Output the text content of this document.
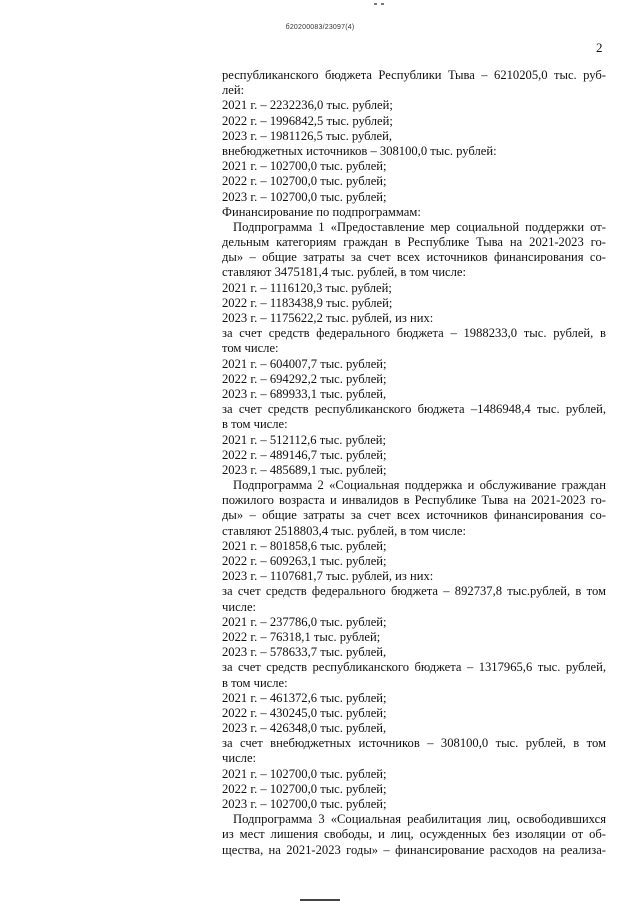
б20200083/23097(4)
2
республиканского бюджета Республики Тыва – 6210205,0 тыс. руб-
лей:
2021 г. – 2232236,0 тыс. рублей;
2022 г. – 1996842,5 тыс. рублей;
2023 г. – 1981126,5 тыс. рублей,
внебюджетных источников – 308100,0 тыс. рублей:
2021 г. – 102700,0 тыс. рублей;
2022 г. – 102700,0 тыс. рублей;
2023 г. – 102700,0 тыс. рублей;
Финансирование по подпрограммам:
Подпрограмма 1 «Предоставление мер социальной поддержки от-
дельным категориям граждан в Республике Тыва на 2021-2023 го-
ды» – общие затраты за счет всех источников финансирования со-
ставляют 3475181,4 тыс. рублей, в том числе:
2021 г. – 1116120,3 тыс. рублей;
2022 г. – 1183438,9 тыс. рублей;
2023 г. – 1175622,2 тыс. рублей, из них:
за счет средств федерального бюджета – 1988233,0 тыс. рублей, в
том числе:
2021 г. – 604007,7 тыс. рублей;
2022 г. – 694292,2 тыс. рублей;
2023 г. – 689933,1 тыс. рублей,
за счет средств республиканского бюджета –1486948,4 тыс. рублей,
в том числе:
2021 г. – 512112,6 тыс. рублей;
2022 г. – 489146,7 тыс. рублей;
2023 г. – 485689,1 тыс. рублей;
Подпрограмма 2 «Социальная поддержка и обслуживание граждан
пожилого возраста и инвалидов в Республике Тыва на 2021-2023 го-
ды» – общие затраты за счет всех источников финансирования со-
ставляют 2518803,4 тыс. рублей, в том числе:
2021 г. – 801858,6 тыс. рублей;
2022 г. – 609263,1 тыс. рублей;
2023 г. – 1107681,7 тыс. рублей, из них:
за счет средств федерального бюджета – 892737,8 тыс.рублей, в том
числе:
2021 г. – 237786,0 тыс. рублей;
2022 г. – 76318,1 тыс. рублей;
2023 г. – 578633,7 тыс. рублей,
за счет средств республиканского бюджета – 1317965,6 тыс. рублей,
в том числе:
2021 г. – 461372,6 тыс. рублей;
2022 г. – 430245,0 тыс. рублей;
2023 г. – 426348,0 тыс. рублей,
за счет внебюджетных источников – 308100,0 тыс. рублей, в том
числе:
2021 г. – 102700,0 тыс. рублей;
2022 г. – 102700,0 тыс. рублей;
2023 г. – 102700,0 тыс. рублей;
Подпрограмма 3 «Социальная реабилитация лиц, освободившихся
из мест лишения свободы, и лиц, осужденных без изоляции от об-
щества, на 2021-2023 годы» – финансирование расходов на реализа-
